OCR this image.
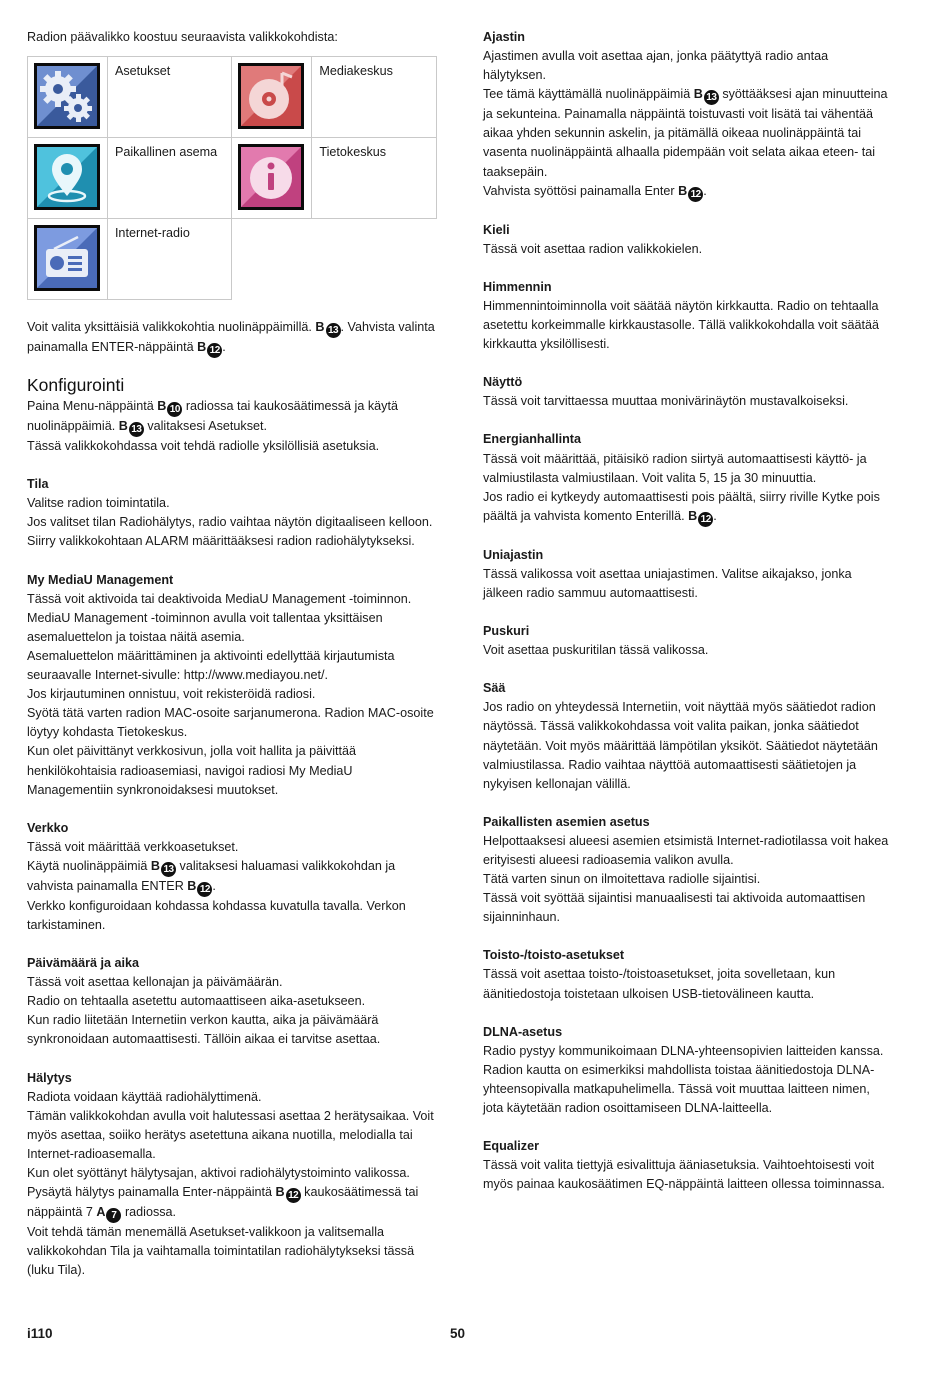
Radion päävalikko koostuu seuraavista valikkokohdista:

	Asetukset		Mediakeskus

	Paikallinen asema		Tietokeskus

	Internet-radio		

Voit valita yksittäisiä valikkokohtia nuolinäppäimillä. B 13 . Vahvista valinta painamalla ENTER-näppäintä B 12 .

Konfigurointi

Paina Menu-näppäintä B 10 radiossa tai kaukosäätimessä ja käytä nuolinäppäimiä. B 13 valitaksesi Asetukset.

Tässä valikkokohdassa voit tehdä radiolle yksilöllisiä asetuksia.

Tila

Valitse radion toimintatila.
Jos valitset tilan Radiohälytys, radio vaihtaa näytön digitaaliseen kelloon. Siirry valikkokohtaan ALARM määrittääksesi radion radiohälytykseksi.

My MediaU Management

Tässä voit aktivoida tai deaktivoida MediaU Management -toiminnon. MediaU Management -toiminnon avulla voit tallentaa yksittäisen asemaluettelon ja toistaa näitä asemia.
Asemaluettelon määrittäminen ja aktivointi edellyttää kirjautumista seuraavalle Internet-sivulle: http://www.mediayou.net/.
Jos kirjautuminen onnistuu, voit rekisteröidä radiosi.
Syötä tätä varten radion MAC-osoite sarjanumerona. Radion MAC-osoite löytyy kohdasta Tietokeskus.
Kun olet päivittänyt verkkosivun, jolla voit hallita ja päivittää henkilökohtaisia radioasemiasi, navigoi radiosi My MediaU Managementiin synkronoidaksesi muutokset.

Verkko

Tässä voit määrittää verkkoasetukset.

Käytä nuolinäppäimiä B 13 valitaksesi haluamasi valikkokohdan ja vahvista painamalla ENTER B 12 .

Verkko konfiguroidaan kohdassa kohdassa kuvatulla tavalla. Verkon tarkistaminen.

Päivämäärä ja aika

Tässä voit asettaa kellonajan ja päivämäärän.
Radio on tehtaalla asetettu automaattiseen aika-asetukseen.
Kun radio liitetään Internetiin verkon kautta, aika ja päivämäärä synkronoidaan automaattisesti. Tällöin aikaa ei tarvitse asettaa.

Hälytys

Radiota voidaan käyttää radiohälyttimenä.
Tämän valikkokohdan avulla voit halutessasi asettaa 2 herätysaikaa. Voit myös asettaa, soiiko herätys asetettuna aikana nuotilla, melodialla tai Internet-radioasemalla.
Kun olet syöttänyt hälytysajan, aktivoi radiohälytystoiminto valikossa. Pysäytä hälytys painamalla Enter-näppäintä B 12 kaukosäätimessä tai näppäintä 7 A 7 radiossa.

Voit tehdä tämän menemällä Asetukset-valikkoon ja valitsemalla valikkokohdan Tila ja vaihtamalla toimintatilan radiohälytykseksi tässä (luku Tila).

Ajastin

Ajastimen avulla voit asettaa ajan, jonka päätyttyä radio antaa hälytyksen.
Tee tämä käyttämällä nuolinäppäimiä B 13 syöttääksesi ajan minuutteina ja sekunteina. Painamalla näppäintä toistuvasti voit lisätä tai vähentää aikaa yhden sekunnin askelin, ja pitämällä oikeaa nuolinäppäintä tai vasenta nuolinäppäintä alhaalla pidempään voit selata aikaa eteen- tai taaksepäin.

Vahvista syöttösi painamalla Enter B 12 .

Kieli

Tässä voit asettaa radion valikkokielen.

Himmennin

Himmennintoiminnolla voit säätää näytön kirkkautta. Radio on tehtaalla asetettu korkeimmalle kirkkaustasolle. Tällä valikkokohdalla voit säätää kirkkautta yksilöllisesti.

Näyttö

Tässä voit tarvittaessa muuttaa monivärinäytön mustavalkoiseksi.

Energianhallinta

Tässä voit määrittää, pitäisikö radion siirtyä automaattisesti käyttö- ja valmiustilasta valmiustilaan. Voit valita 5, 15 ja 30 minuuttia.
Jos radio ei kytkeydy automaattisesti pois päältä, siirry riville Kytke pois päältä ja vahvista komento Enterillä. B 12 .

Uniajastin

Tässä valikossa voit asettaa uniajastimen. Valitse aikajakso, jonka jälkeen radio sammuu automaattisesti.

Puskuri

Voit asettaa puskuritilan tässä valikossa.

Sää

Jos radio on yhteydessä Internetiin, voit näyttää myös säätiedot radion näytössä. Tässä valikkokohdassa voit valita paikan, jonka säätiedot näytetään. Voit myös määrittää lämpötilan yksiköt. Säätiedot näytetään valmiustilassa. Radio vaihtaa näyttöä automaattisesti säätietojen ja nykyisen kellonajan välillä.

Paikallisten asemien asetus

Helpottaaksesi alueesi asemien etsimistä Internet-radiotilassa voit hakea erityisesti alueesi radioasemia valikon avulla.
Tätä varten sinun on ilmoitettava radiolle sijaintisi.
Tässä voit syöttää sijaintisi manuaalisesti tai aktivoida automaattisen sijainninhaun.

Toisto-/toisto-asetukset

Tässä voit asettaa toisto-/toistoasetukset, joita sovelletaan, kun äänitiedostoja toistetaan ulkoisen USB-tietovälineen kautta.

DLNA-asetus

Radio pystyy kommunikoimaan DLNA-yhteensopivien laitteiden kanssa. Radion kautta on esimerkiksi mahdollista toistaa äänitiedostoja DLNA-yhteensopivalla matkapuhelimella. Tässä voit muuttaa laitteen nimen, jota käytetään radion osoittamiseen DLNA-laitteella.

Equalizer

Tässä voit valita tiettyjä esivalittuja ääniasetuksia. Vaihtoehtoisesti voit myös painaa kaukosäätimen EQ-näppäintä laitteen ollessa toiminnassa.

i110	50
